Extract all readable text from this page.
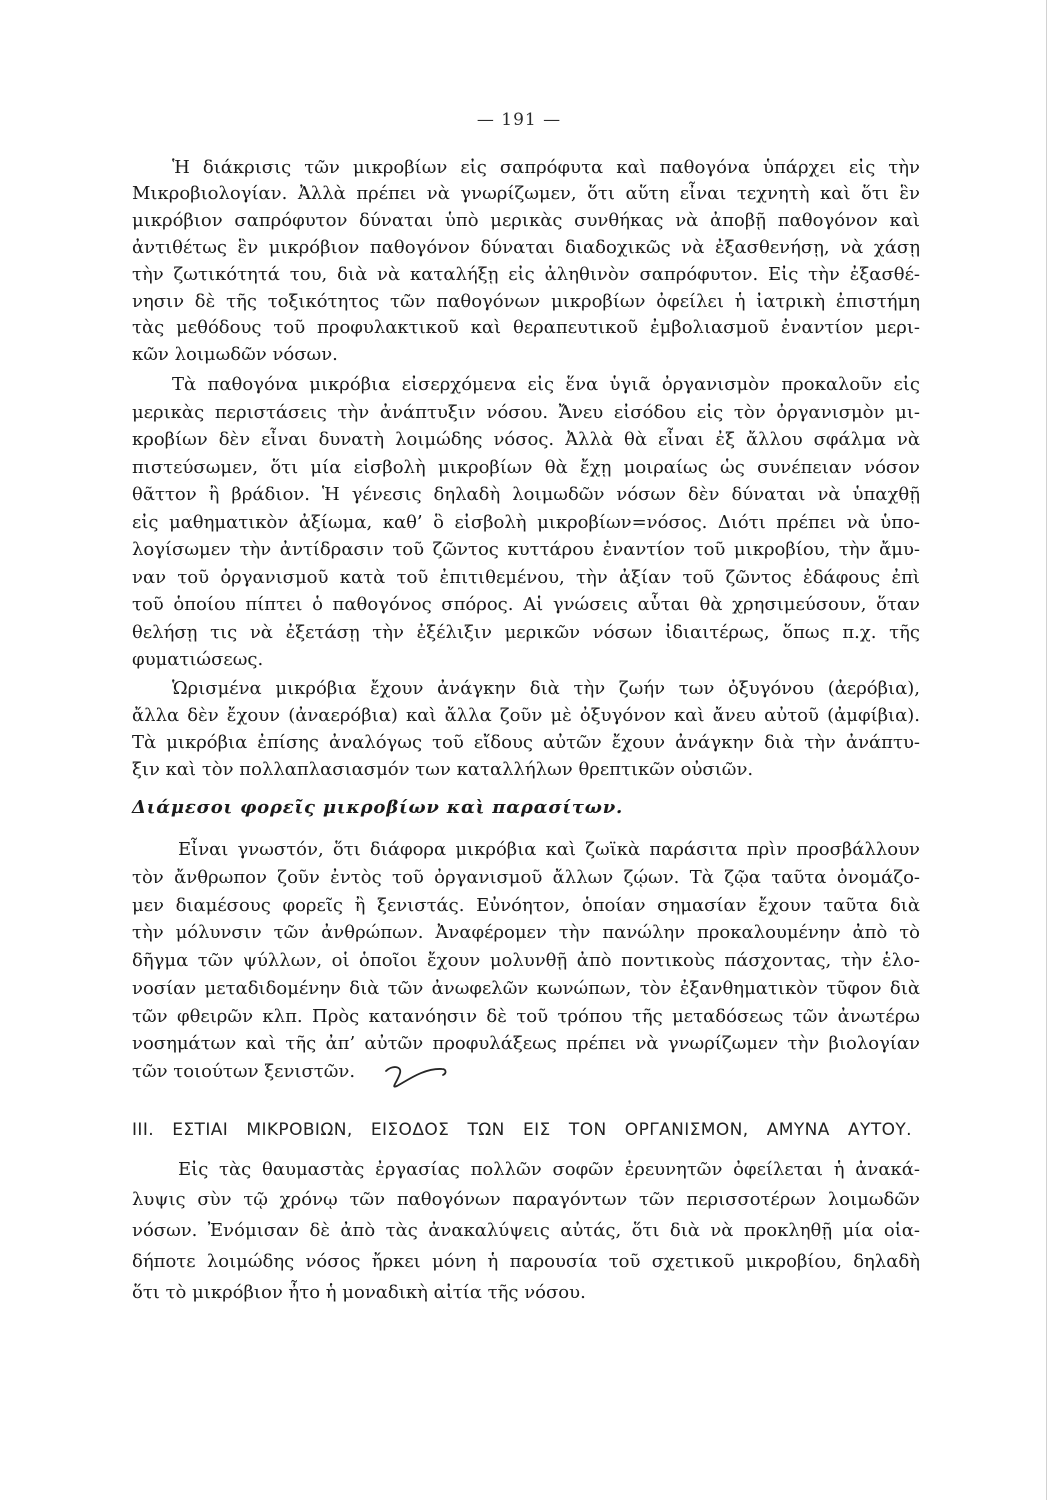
— 191 —
Ἡ διάκρισις τῶν μικροβίων εἰς σαπρόφυτα καὶ παθογόνα ὑπάρχει εἰς τὴν
Μικροβιολογίαν. Ἀλλὰ πρέπει νὰ γνωρίζωμεν, ὅτι αὕτη εἶναι τεχνητὴ καὶ ὅτι ἓν
μικρόβιον σαπρόφυτον δύναται ὑπὸ μερικὰς συνθήκας νὰ ἀποβῇ παθογόνον καὶ
ἀντιθέτως ἓν μικρόβιον παθογόνον δύναται διαδοχικῶς νὰ ἐξασθενήσῃ, νὰ χάσῃ
τὴν ζωτικότητά του, διὰ νὰ καταλήξῃ εἰς ἀληθινὸν σαπρόφυτον. Εἰς τὴν ἐξασθέ-
νησιν δὲ τῆς τοξικότητος τῶν παθογόνων μικροβίων ὀφείλει ἡ ἰατρικὴ ἐπιστήμη
τὰς μεθόδους τοῦ προφυλακτικοῦ καὶ θεραπευτικοῦ ἐμβολιασμοῦ ἐναντίον μερι-
κῶν λοιμωδῶν νόσων.
Τὰ παθογόνα μικρόβια εἰσερχόμενα εἰς ἕνα ὑγιᾶ ὀργανισμὸν προκαλοῦν εἰς
μερικὰς περιστάσεις τὴν ἀνάπτυξιν νόσου. Ἄνευ εἰσόδου εἰς τὸν ὀργανισμὸν μι-
κροβίων δὲν εἶναι δυνατὴ λοιμώδης νόσος. Ἀλλὰ θὰ εἶναι ἐξ ἄλλου σφάλμα νὰ
πιστεύσωμεν, ὅτι μία εἰσβολὴ μικροβίων θὰ ἔχῃ μοιραίως ὡς συνέπειαν νόσον
θᾶττον ἢ βράδιον. Ἡ γένεσις δηλαδὴ λοιμωδῶν νόσων δὲν δύναται νὰ ὑπαχθῇ
εἰς μαθηματικὸν ἀξίωμα, καθ’ ὃ εἰσβολὴ μικροβίων=νόσος. Διότι πρέπει νὰ ὑπο-
λογίσωμεν τὴν ἀντίδρασιν τοῦ ζῶντος κυττάρου ἐναντίον τοῦ μικροβίου, τὴν ἄμυ-
ναν τοῦ ὀργανισμοῦ κατὰ τοῦ ἐπιτιθεμένου, τὴν ἀξίαν τοῦ ζῶντος ἐδάφους ἐπὶ
τοῦ ὁποίου πίπτει ὁ παθογόνος σπόρος. Αἱ γνώσεις αὗται θὰ χρησιμεύσουν, ὅταν
θελήσῃ τις νὰ ἐξετάσῃ τὴν ἐξέλιξιν μερικῶν νόσων ἰδιαιτέρως, ὅπως π.χ. τῆς
φυματιώσεως.
Ὡρισμένα μικρόβια ἔχουν ἀνάγκην διὰ τὴν ζωήν των ὀξυγόνου (ἀερόβια),
ἄλλα δὲν ἔχουν (ἀναερόβια) καὶ ἄλλα ζοῦν μὲ ὀξυγόνον καὶ ἄνευ αὐτοῦ (ἀμφίβια).
Τὰ μικρόβια ἐπίσης ἀναλόγως τοῦ εἴδους αὐτῶν ἔχουν ἀνάγκην διὰ τὴν ἀνάπτυ-
ξιν καὶ τὸν πολλαπλασιασμόν των καταλλήλων θρεπτικῶν οὐσιῶν.
Διάμεσοι φορεῖς μικροβίων καὶ παρασίτων.
Εἶναι γνωστόν, ὅτι διάφορα μικρόβια καὶ ζωϊκὰ παράσιτα πρὶν προσβάλλουν
τὸν ἄνθρωπον ζοῦν ἐντὸς τοῦ ὀργανισμοῦ ἄλλων ζῴων. Τὰ ζῷα ταῦτα ὀνομάζο-
μεν διαμέσους φορεῖς ἢ ξενιστάς. Εὐνόητον, ὁποίαν σημασίαν ἔχουν ταῦτα διὰ
τὴν μόλυνσιν τῶν ἀνθρώπων. Ἀναφέρομεν τὴν πανώλην προκαλουμένην ἀπὸ τὸ
δῆγμα τῶν ψύλλων, οἱ ὁποῖοι ἔχουν μολυνθῇ ἀπὸ ποντικοὺς πάσχοντας, τὴν ἑλο-
νοσίαν μεταδιδομένην διὰ τῶν ἀνωφελῶν κωνώπων, τὸν ἐξανθηματικὸν τῦφον διὰ
τῶν φθειρῶν κλπ. Πρὸς κατανόησιν δὲ τοῦ τρόπου τῆς μεταδόσεως τῶν ἀνωτέρω
νοσημάτων καὶ τῆς ἀπ’ αὐτῶν προφυλάξεως πρέπει νὰ γνωρίζωμεν τὴν βιολογίαν
τῶν τοιούτων ξενιστῶν.
III. ΕΣΤΙΑΙ ΜΙΚΡΟΒΙΩΝ, ΕΙΣΟΔΟΣ ΤΩΝ ΕΙΣ ΤΟΝ ΟΡΓΑΝΙΣΜΟΝ, ΑΜΥΝΑ ΑΥΤΟΥ.
Εἰς τὰς θαυμαστὰς ἐργασίας πολλῶν σοφῶν ἐρευνητῶν ὀφείλεται ἡ ἀνακά-
λυψις σὺν τῷ χρόνῳ τῶν παθογόνων παραγόντων τῶν περισσοτέρων λοιμωδῶν
νόσων. Ἐνόμισαν δὲ ἀπὸ τὰς ἀνακαλύψεις αὐτάς, ὅτι διὰ νὰ προκληθῇ μία οἱα-
δήποτε λοιμώδης νόσος ἤρκει μόνη ἡ παρουσία τοῦ σχετικοῦ μικροβίου, δηλαδὴ
ὅτι τὸ μικρόβιον ἦτο ἡ μοναδικὴ αἰτία τῆς νόσου.
